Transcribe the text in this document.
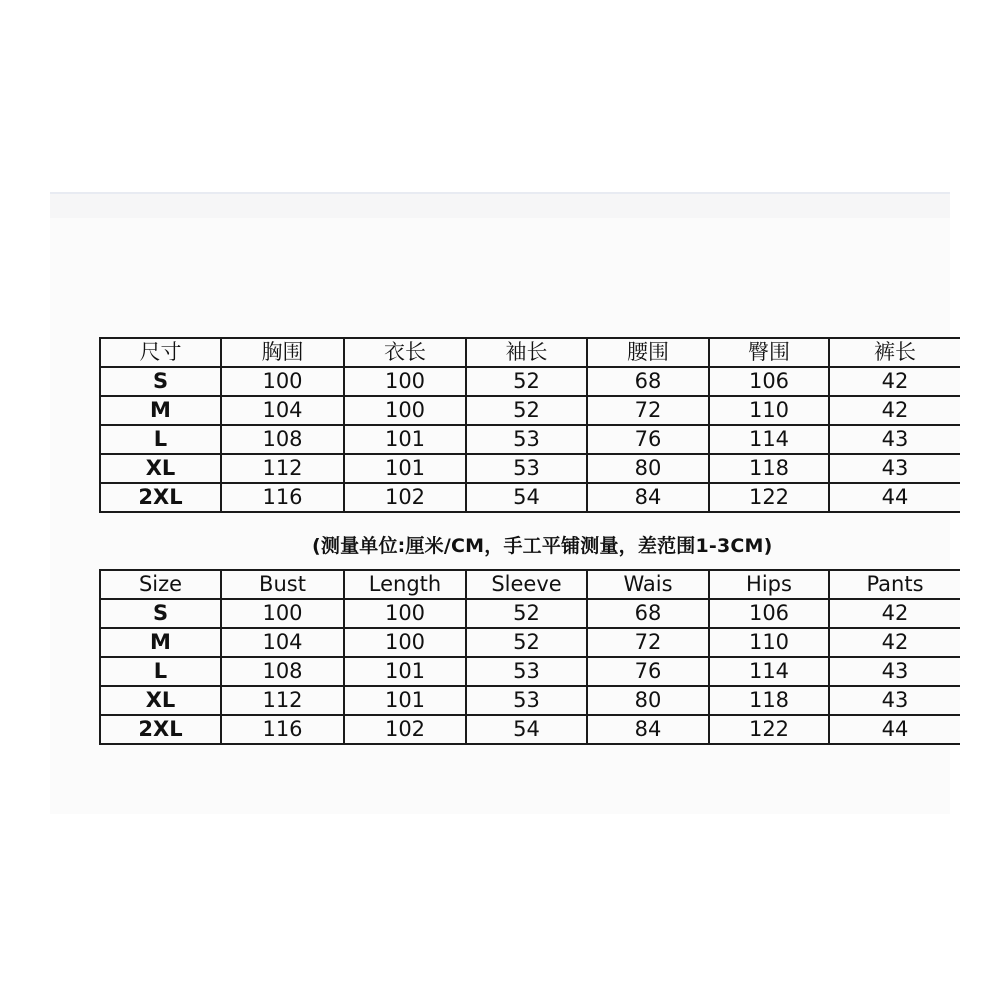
尺寸	胸围	衣长	袖长	腰围	臀围	裤长
S	100	100	52	68	106	42
M	104	100	52	72	110	42
L	108	101	53	76	114	43
XL	112	101	53	80	118	43
2XL	116	102	54	84	122	44
(测量单位:厘米/CM，手工平铺测量，差范围1-3CM)
Size	Bust	Length	Sleeve	Wais	Hips	Pants
S	100	100	52	68	106	42
M	104	100	52	72	110	42
L	108	101	53	76	114	43
XL	112	101	53	80	118	43
2XL	116	102	54	84	122	44
